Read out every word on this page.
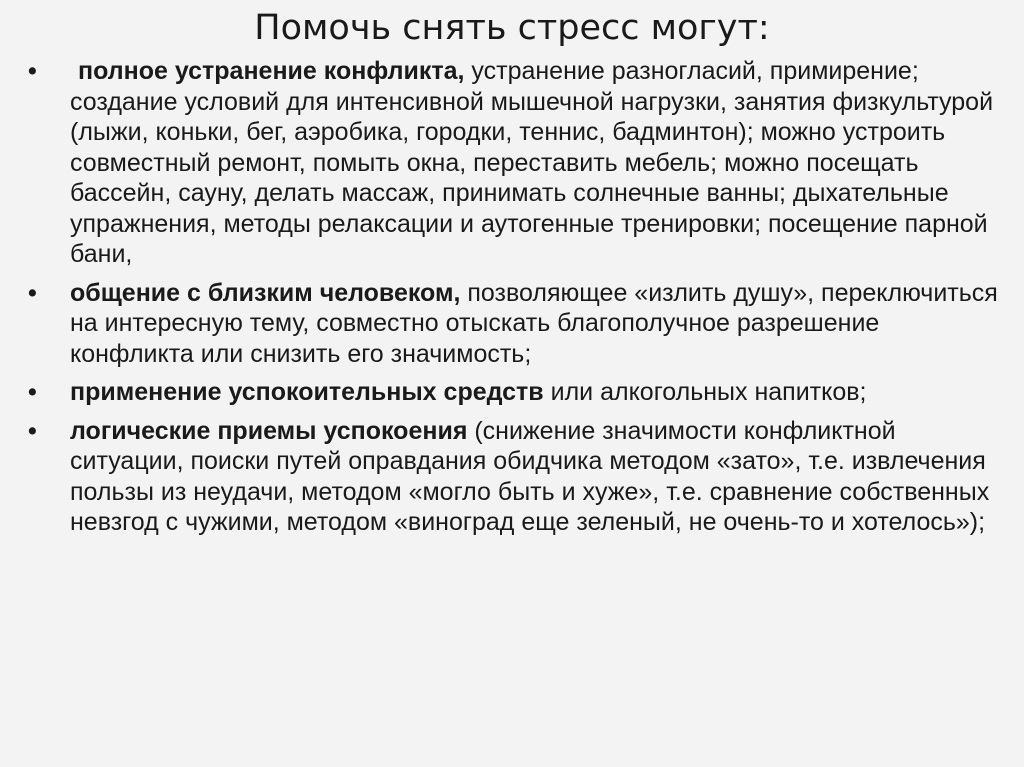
Помочь снять стресс могут:
• полное устранение конфликта, устранение разногласий, примирение; создание условий для интенсивной мышечной нагрузки, занятия физкультурой (лыжи, коньки, бег, аэробика, городки, теннис, бадминтон); можно устроить совместный ремонт, помыть окна, переставить мебель; можно посещать бассейн, сауну, делать массаж, принимать солнечные ванны; дыхательные упражнения, методы релаксации и аутогенные тренировки; посещение парной бани,
• общение с близким человеком, позволяющее «излить душу», переключиться на интересную тему, совместно отыскать благополучное разрешение конфликта или снизить его значимость;
• применение успокоительных средств или алкогольных напитков;
• логические приемы успокоения (снижение значимости конфликтной ситуации, поиски путей оправдания обидчика методом «зато», т.е. извлечения пользы из неудачи, методом «могло быть и хуже», т.е. сравнение собственных невзгод с чужими, методом «виноград еще зеленый, не очень-то и хотелось»);
